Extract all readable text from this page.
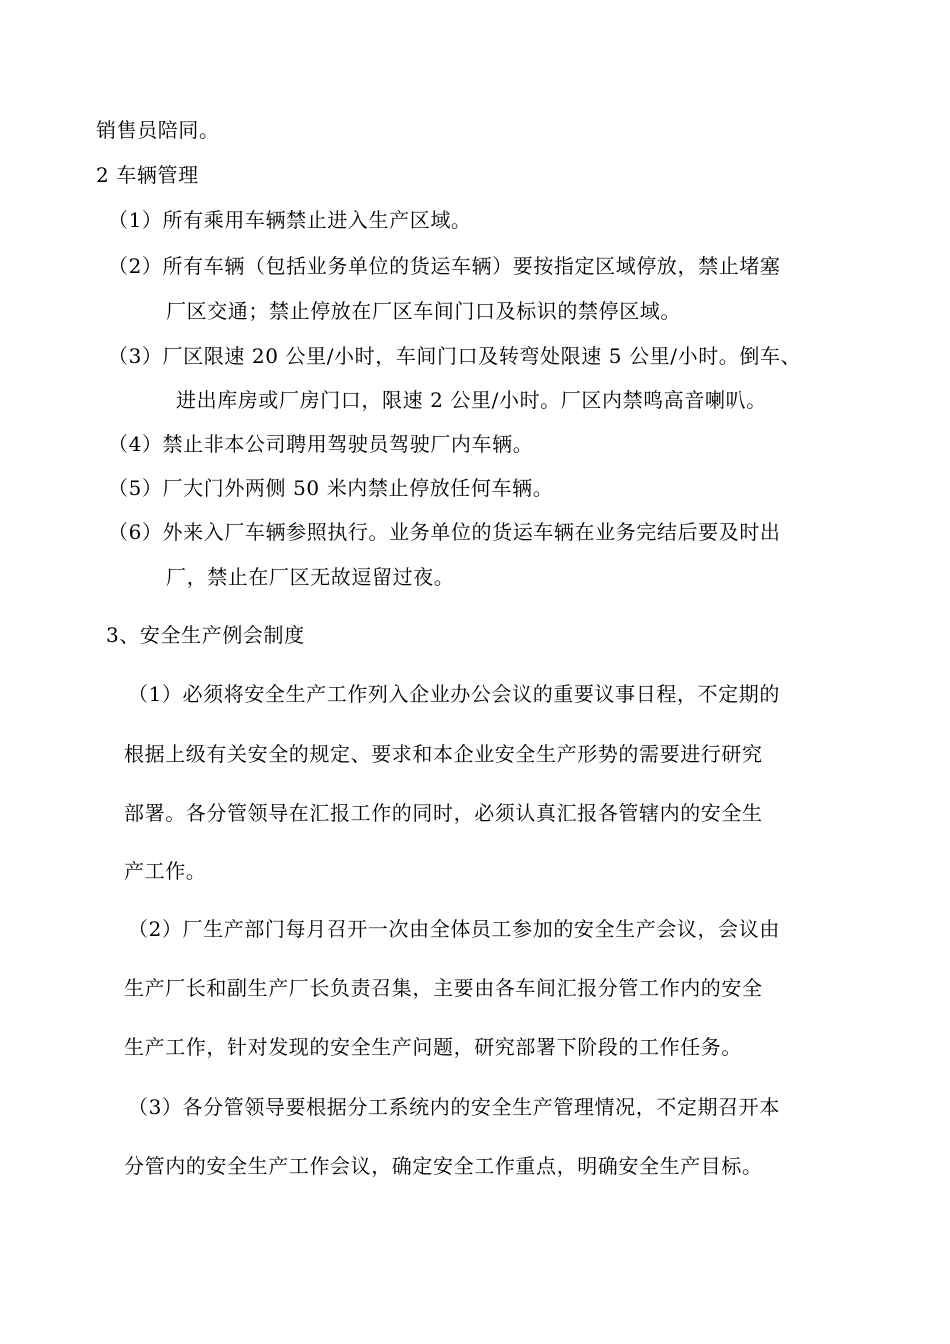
销售员陪同。
2 车辆管理
（1）所有乘用车辆禁止进入生产区域。
（2）所有车辆（包括业务单位的货运车辆）要按指定区域停放，禁止堵塞
厂区交通；禁止停放在厂区车间门口及标识的禁停区域。
（3）厂区限速 20 公里/小时，车间门口及转弯处限速 5 公里/小时。倒车、
进出库房或厂房门口，限速 2 公里/小时。厂区内禁鸣高音喇叭。
（4）禁止非本公司聘用驾驶员驾驶厂内车辆。
（5）厂大门外两侧 50 米内禁止停放任何车辆。
（6）外来入厂车辆参照执行。业务单位的货运车辆在业务完结后要及时出
厂，禁止在厂区无故逗留过夜。
3、安全生产例会制度
（1）必须将安全生产工作列入企业办公会议的重要议事日程，不定期的
根据上级有关安全的规定、要求和本企业安全生产形势的需要进行研究
部署。各分管领导在汇报工作的同时，必须认真汇报各管辖内的安全生
产工作。
（2）厂生产部门每月召开一次由全体员工参加的安全生产会议，会议由
生产厂长和副生产厂长负责召集，主要由各车间汇报分管工作内的安全
生产工作，针对发现的安全生产问题，研究部署下阶段的工作任务。
（3）各分管领导要根据分工系统内的安全生产管理情况，不定期召开本
分管内的安全生产工作会议，确定安全工作重点，明确安全生产目标。
